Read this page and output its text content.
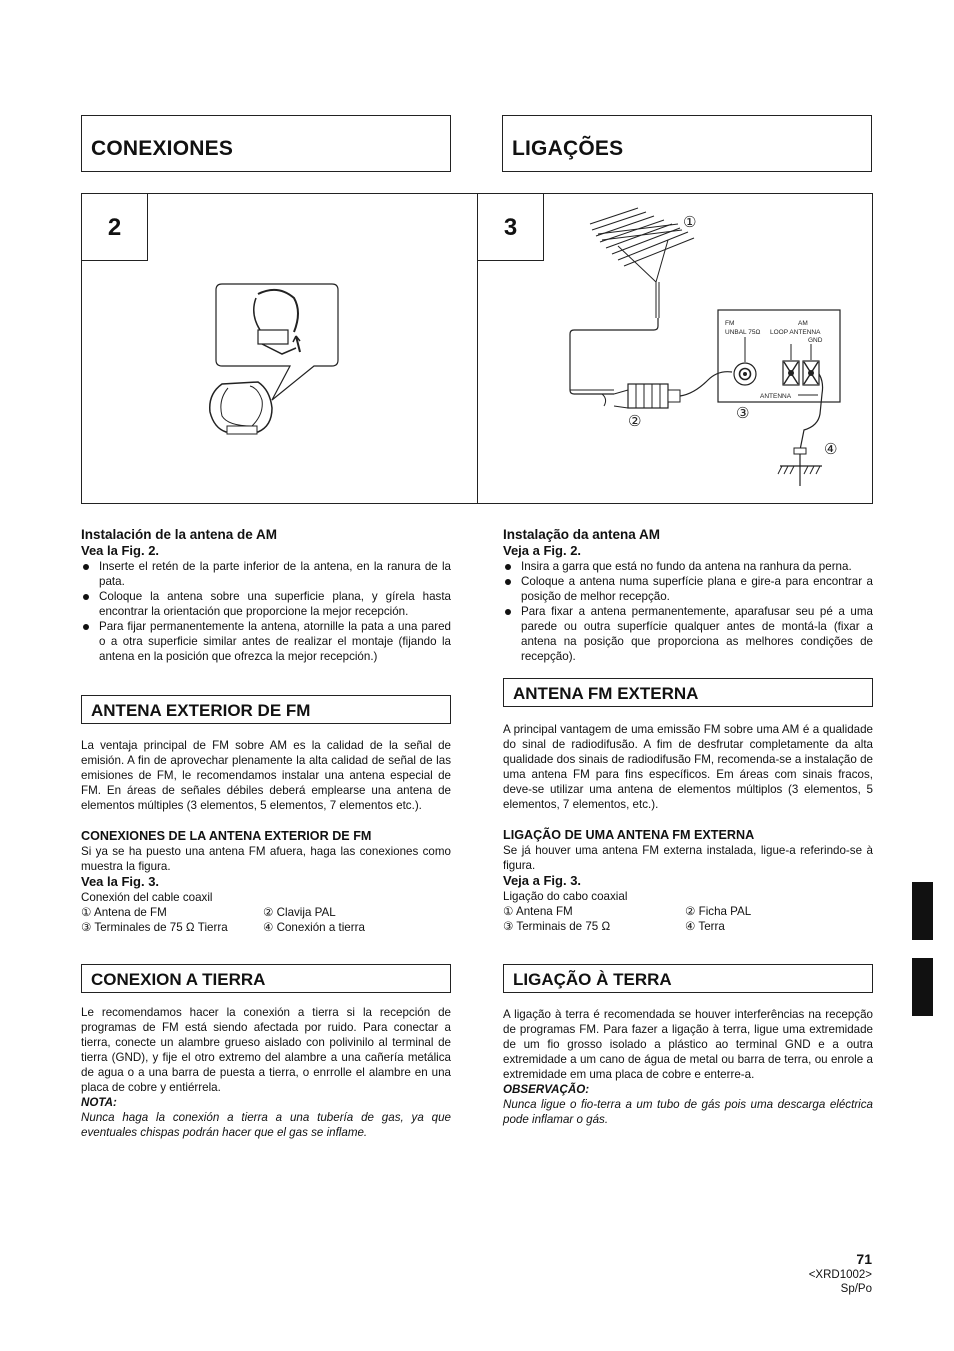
CONEXIONES	LIGAÇÕES
2	3	①
②
FM
UNBAL 75Ω
AM
LOOP ANTENNA
GND
ANTENNA
③
④
Instalación de la antena de AM
Vea la Fig. 2.
Inserte el retén de la parte inferior de la antena, en la ranura de la pata.
Coloque la antena sobre una superficie plana, y gírela hasta encontrar la orientación que proporcione la mejor recepción.
Para fijar permanentemente la antena, atornille la pata a una pared o a otra superficie similar antes de realizar el montaje (fijando la antena en la posición que ofrezca la mejor recepción.)
ANTENA EXTERIOR DE FM

La ventaja principal de FM sobre AM es la calidad de la señal de emisión. A fin de aprovechar plenamente la alta calidad de señal de las emisiones de FM, le recomendamos instalar una antena especial de FM. En áreas de señales débiles deberá emplearse una antena de elementos múltiples (3 elementos, 5 elementos, 7 elementos etc.).

CONEXIONES DE LA ANTENA EXTERIOR DE FM

Si ya se ha puesto una antena FM afuera, haga las conexiones como muestra la figura.

Vea la Fig. 3.
Conexión del cable coaxil
① Antena de FM	② Clavija PAL
③ Terminales de 75 Ω Tierra	④ Conexión a tierra
CONEXION A TIERRA

Le recomendamos hacer la conexión a tierra si la recepción de programas de FM está siendo afectada por ruido. Para conectar a tierra, conecte un alambre grueso aislado con polivinilo al terminal de tierra (GND), y fije el otro extremo del alambre a una cañería metálica de agua o a una barra de puesta a tierra, o enrrolle el alambre en una placa de cobre y entiérrela.

NOTA:

Nunca haga la conexión a tierra a una tubería de gas, ya que eventuales chispas podrán hacer que el gas se inflame.

Instalação da antena AM
Veja a Fig. 2.
Insira a garra que está no fundo da antena na ranhura da perna.
Coloque a antena numa superfície plana e gire-a para encontrar a posição de melhor recepção.
Para fixar a antena permanentemente, aparafusar seu pé a uma parede ou outra superfície qualquer antes de montá-la (fixar a antena na posição que proporciona as melhores condições de recepção).
ANTENA FM EXTERNA

A principal vantagem de uma emissão FM sobre uma AM é a qualidade do sinal de radiodifusão. A fim de desfrutar completamente da alta qualidade dos sinais de radiodifusão FM, recomenda-se a instalação de uma antena FM para fins específicos. Em áreas com sinais fracos, deve-se utilizar uma antena de elementos múltiplos (3 elementos, 5 elementos, 7 elementos, etc.).

LIGAÇÃO DE UMA ANTENA FM EXTERNA

Se já houver uma antena FM externa instalada, ligue-a referindo-se à figura.

Veja a Fig. 3.
Ligação do cabo coaxial
① Antena FM	② Ficha PAL
③ Terminais de 75 Ω	④ Terra
LIGAÇÃO À TERRA

A ligação à terra é recomendada se houver interferências na recepção de programas FM. Para fazer a ligação à terra, ligue uma extremidade de um fio grosso isolado a plástico ao terminal GND e a outra extremidade a um cano de água de metal ou barra de terra, ou enrole a extremidade em uma placa de cobre e enterre-a.

OBSERVAÇÃO:

Nunca ligue o fio-terra a um tubo de gás pois uma descarga eléctrica pode inflamar o gás.

71
<XRD1002>
Sp/Po
